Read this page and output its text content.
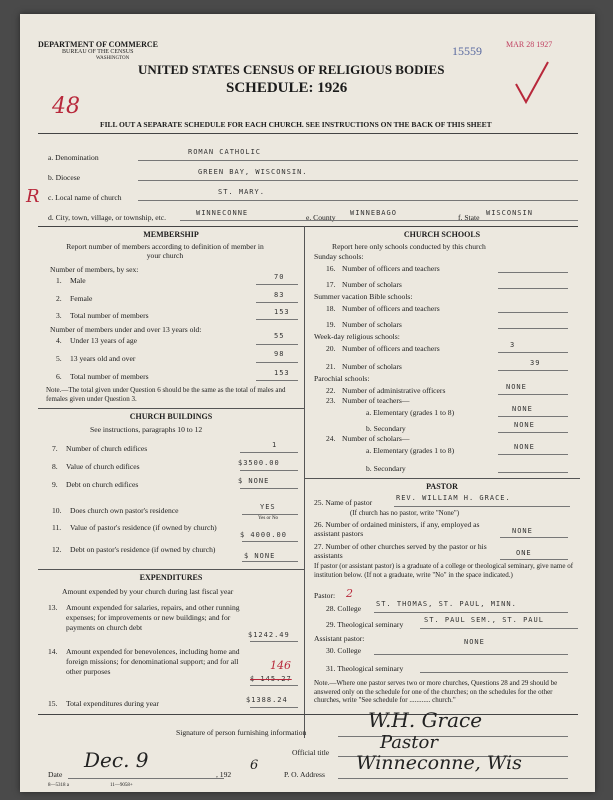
DEPARTMENT OF COMMERCE
BUREAU OF THE CENSUS
WASHINGTON
UNITED STATES CENSUS OF RELIGIOUS BODIES
SCHEDULE: 1926
15559	MAR 28 1927
48
R
FILL OUT A SEPARATE SCHEDULE FOR EACH CHURCH. SEE INSTRUCTIONS ON THE BACK OF THIS SHEET
a. Denomination
ROMAN CATHOLIC
b. Diocese
GREEN BAY, WISCONSIN.
c. Local name of church
ST. MARY.
d. City, town, village, or township, etc.	WINNECONNE	e. County WINNEBAGO	f. State WISCONSIN
MEMBERSHIP
Report number of members according to definition of member in your church
Number of members, by sex:
1. Male	70
2. Female	83
3. Total number of members	153
Number of members under and over 13 years old:
4. Under 13 years of age	55
5. 13 years old and over	98
6. Total number of members	153
Note.—The total given under Question 6 should be the same as the total of males and females given under Question 3.
CHURCH BUILDINGS
See instructions, paragraphs 10 to 12
7. Number of church edifices	1
8. Value of church edifices	$3500.00
9. Debt on church edifices	$ NONE
10. Does church own pastor's residence	YES
Yes or No
11. Value of pastor's residence (if owned by church)
$ 4000.00
12. Debt on pastor's residence (if owned by church)
$ NONE
EXPENDITURES
Amount expended by your church during last fiscal year
13. Amount expended for salaries, repairs, and other running expenses; for improvements or new buildings; and for payments on church debt
$1242.49
14. Amount expended for benevolences, including home and foreign missions; for denominational support; and for all other purposes
$ 145.27
146
15. Total expenditures during year	$1388.24
CHURCH SCHOOLS
Report here only schools conducted by this church
Sunday schools:
16. Number of officers and teachers
17. Number of scholars
Summer vacation Bible schools:
18. Number of officers and teachers
19. Number of scholars
Week-day religious schools:
20. Number of officers and teachers	3
21. Number of scholars	39
Parochial schools:
22. Number of administrative officers	NONE
23. Number of teachers—
a. Elementary (grades 1 to 8)	NONE
b. Secondary	NONE
24. Number of scholars—
a. Elementary (grades 1 to 8)	NONE
b. Secondary
PASTOR
25. Name of pastor	REV. WILLIAM H. GRACE.
(If church has no pastor, write "None")
26. Number of ordained ministers, if any, employed as assistant pastors	NONE
27. Number of other churches served by the pastor or his assistants	ONE
If pastor (or assistant pastor) is a graduate of a college or theological seminary, give name of institution below. (If not a graduate, write "No" in the space indicated.)
Pastor: 2
28. College ST. THOMAS, ST. PAUL, MINN.
29. Theological seminary	ST. PAUL SEM., ST. PAUL
Assistant pastor:
30. College
NONE
31. Theological seminary
Note.—Where one pastor serves two or more churches, Questions 28 and 29 should be answered only on the schedule for one of the churches; on the schedules for the other churches, write "See schedule for ............ church."
Signature of person furnishing information
W.H. Grace
Official title	Pastor
Date
Dec. 9
, 192
6
P. O. Address
Winneconne, Wis
8—5318 a	11—9058+
